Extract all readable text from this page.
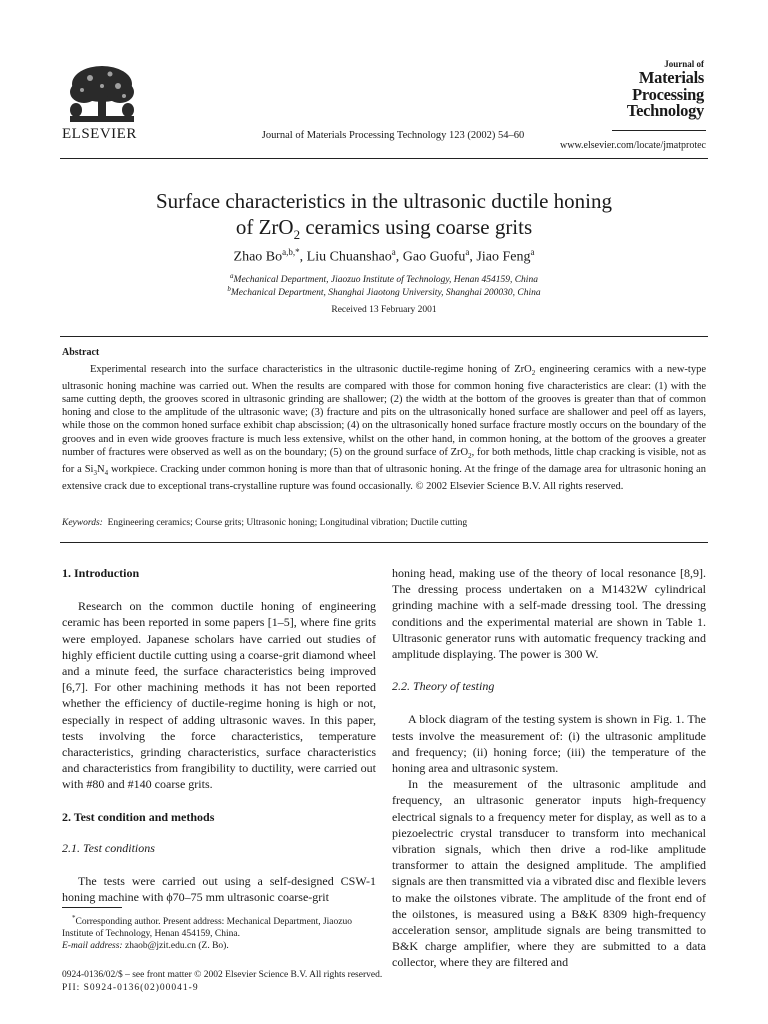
ELSEVIER	Journal of Materials Processing Technology 123 (2002) 54–60
Journal of
Materials
Processing
Technology
www.elsevier.com/locate/jmatprotec
Surface characteristics in the ultrasonic ductile honing
of ZrO$_2$ ceramics using coarse grits
Zhao $Bo^{a,b,*}$, Liu Chuanshao$^a$, Gao Guofu$^a$, Jiao Feng$^a$
$^a$Mechanical Department, Jiaozuo Institute of Technology, Henan 454159, China
$^b$Mechanical Department, Shanghai Jiaotong University, Shanghai 200030, China
Received 13 February 2001
Abstract
Experimental research into the surface characteristics in the ultrasonic ductile-regime honing of ZrO$_2$ engineering ceramics with a new-type ultrasonic honing machine was carried out. When the results are compared with those for common honing five characteristics are clear: (1) with the same cutting depth, the grooves scored in ultrasonic grinding are shallower; (2) the width at the bottom of the grooves is greater than that of common honing and close to the amplitude of the ultrasonic wave; (3) fracture and pits on the ultrasonically honed surface are shallower and peel off as layers, while those on the common honed surface exhibit chap abscission; (4) on the ultrasonically honed surface fracture mostly occurs on the boundary of the grooves and in even wide grooves fracture is much less extensive, whilst on the other hand, in common honing, at the bottom of the grooves a greater number of fractures were observed as well as on the boundary; (5) on the ground surface of ZrO$_2$, for both methods, little chap cracking is visible, not as for a $Si_3N_4$ workpiece. Cracking under common honing is more than that of ultrasonic honing. At the fringe of the damage area for ultrasonic honing an extensive crack due to exceptional trans-crystalline rupture was found occasionally. © 2002 Elsevier Science B.V. All rights reserved.
Keywords: Engineering ceramics; Course grits; Ultrasonic honing; Longitudinal vibration; Ductile cutting
1. Introduction

Research on the common ductile honing of engineering ceramic has been reported in some papers [1–5], where fine grits were employed. Japanese scholars have carried out studies of highly efficient ductile cutting using a coarse-grit diamond wheel and a minute feed, the surface characteristics being improved [6,7]. For other machining methods it has not been reported whether the efficiency of ductile-regime honing is high or not, especially in respect of adding ultrasonic waves. In this paper, tests involving the force characteristics, temperature characteristics, grinding characteristics, surface characteristics and characteristics from frangibility to ductility, were carried out with #80 and #140 coarse grits.

2. Test condition and methods
2.1. Test conditions

The tests were carried out using a self-designed CSW-1 honing machine with ϕ70–75 mm ultrasonic coarse-grit

*Corresponding author. Present address: Mechanical Department, Jiaozuo Institute of Technology, Henan 454159, China.
E-mail address: zhaob@jzit.edu.cn (Z. Bo).

honing head, making use of the theory of local resonance [8,9]. The dressing process undertaken on a M1432W cylindrical grinding machine with a self-made dressing tool. The dressing conditions and the experimental material are shown in Table 1. Ultrasonic generator runs with automatic frequency tracking and amplitude displaying. The power is 300 W.

2.2. Theory of testing

A block diagram of the testing system is shown in Fig. 1. The tests involve the measurement of: (i) the ultrasonic amplitude and frequency; (ii) honing force; (iii) the temperature of the honing area and ultrasonic system.

In the measurement of the ultrasonic amplitude and frequency, an ultrasonic generator inputs high-frequency electrical signals to a frequency meter for display, as well as to a piezoelectric crystal transducer to transform into mechanical vibration signals, which then drive a rod-like amplitude transformer to attain the designed amplitude. The amplified signals are then transmitted via a vibrated disc and flexible levers to make the oilstones vibrate. The amplitude of the front end of the oilstones, is measured using a B&K 8309 high-frequency acceleration sensor, amplitude signals are being transmitted to B&K charge amplifier, where they are submitted to a data collector, where they are filtered and

0924-0136/02/$ – see front matter © 2002 Elsevier Science B.V. All rights reserved.
PII: S0924-0136(02)00041-9
